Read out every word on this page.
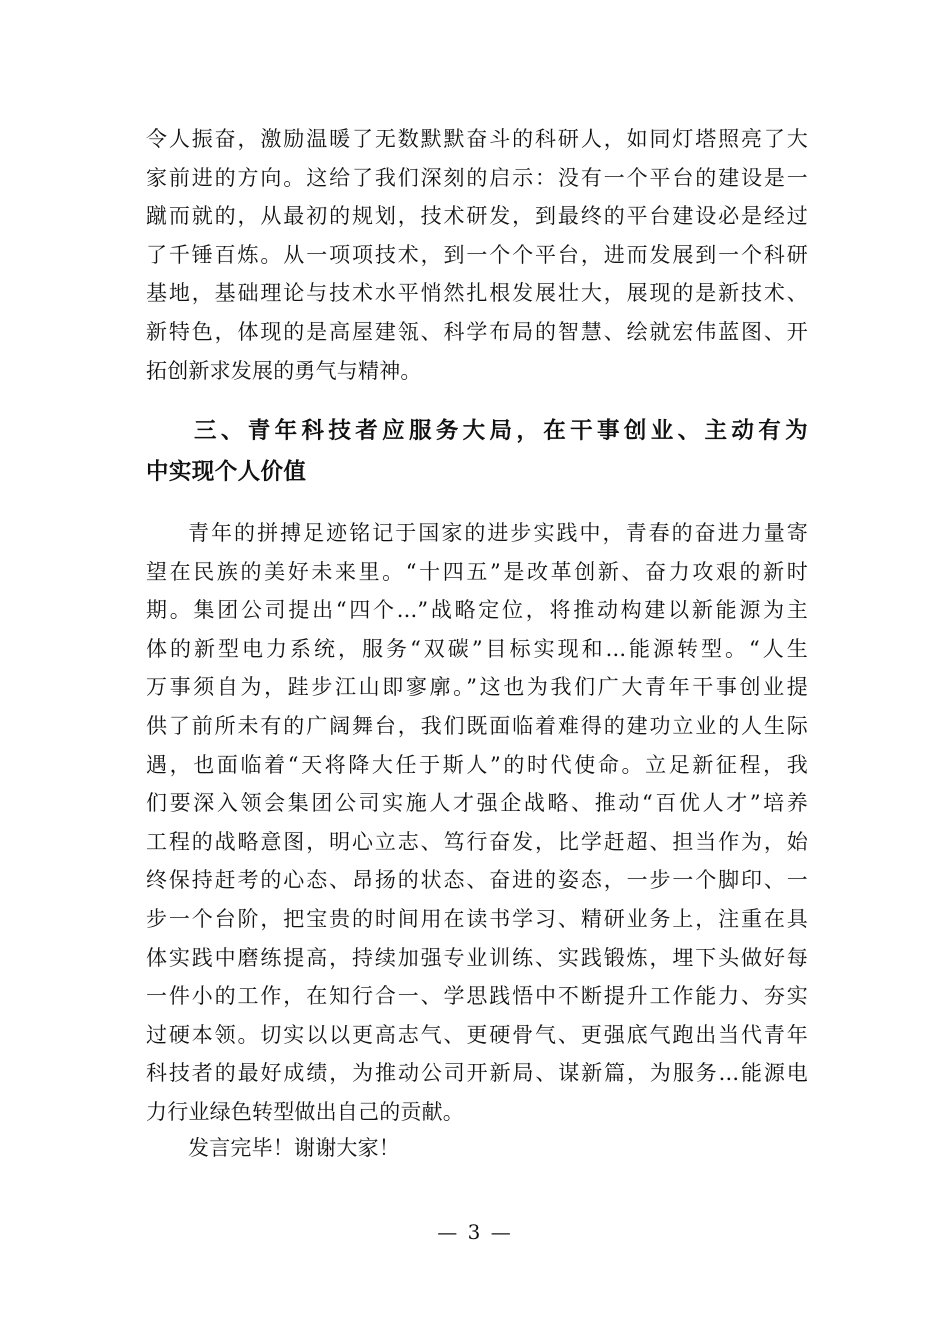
令人振奋，激励温暖了无数默默奋斗的科研人，如同灯塔照亮了大
家前进的方向。这给了我们深刻的启示：没有一个平台的建设是一
蹴而就的，从最初的规划，技术研发，到最终的平台建设必是经过
了千锤百炼。从一项项技术，到一个个平台，进而发展到一个科研
基地，基础理论与技术水平悄然扎根发展壮大，展现的是新技术、
新特色，体现的是高屋建瓴、科学布局的智慧、绘就宏伟蓝图、开
拓创新求发展的勇气与精神。
三、青年科技者应服务大局，在干事创业、主动有为
中实现个人价值
青年的拼搏足迹铭记于国家的进步实践中，青春的奋进力量寄
望在民族的美好未来里。“十四五”是改革创新、奋力攻艰的新时
期。集团公司提出“四个...”战略定位，将推动构建以新能源为主
体的新型电力系统，服务“双碳”目标实现和...能源转型。“人生
万事须自为，跬步江山即寥廓。”这也为我们广大青年干事创业提
供了前所未有的广阔舞台，我们既面临着难得的建功立业的人生际
遇，也面临着“天将降大任于斯人”的时代使命。立足新征程，我
们要深入领会集团公司实施人才强企战略、推动“百优人才”培养
工程的战略意图，明心立志、笃行奋发，比学赶超、担当作为，始
终保持赶考的心态、昂扬的状态、奋进的姿态，一步一个脚印、一
步一个台阶，把宝贵的时间用在读书学习、精研业务上，注重在具
体实践中磨练提高，持续加强专业训练、实践锻炼，埋下头做好每
一件小的工作，在知行合一、学思践悟中不断提升工作能力、夯实
过硬本领。切实以以更高志气、更硬骨气、更强底气跑出当代青年
科技者的最好成绩，为推动公司开新局、谋新篇，为服务...能源电
力行业绿色转型做出自己的贡献。
发言完毕！谢谢大家！
— 3 —
